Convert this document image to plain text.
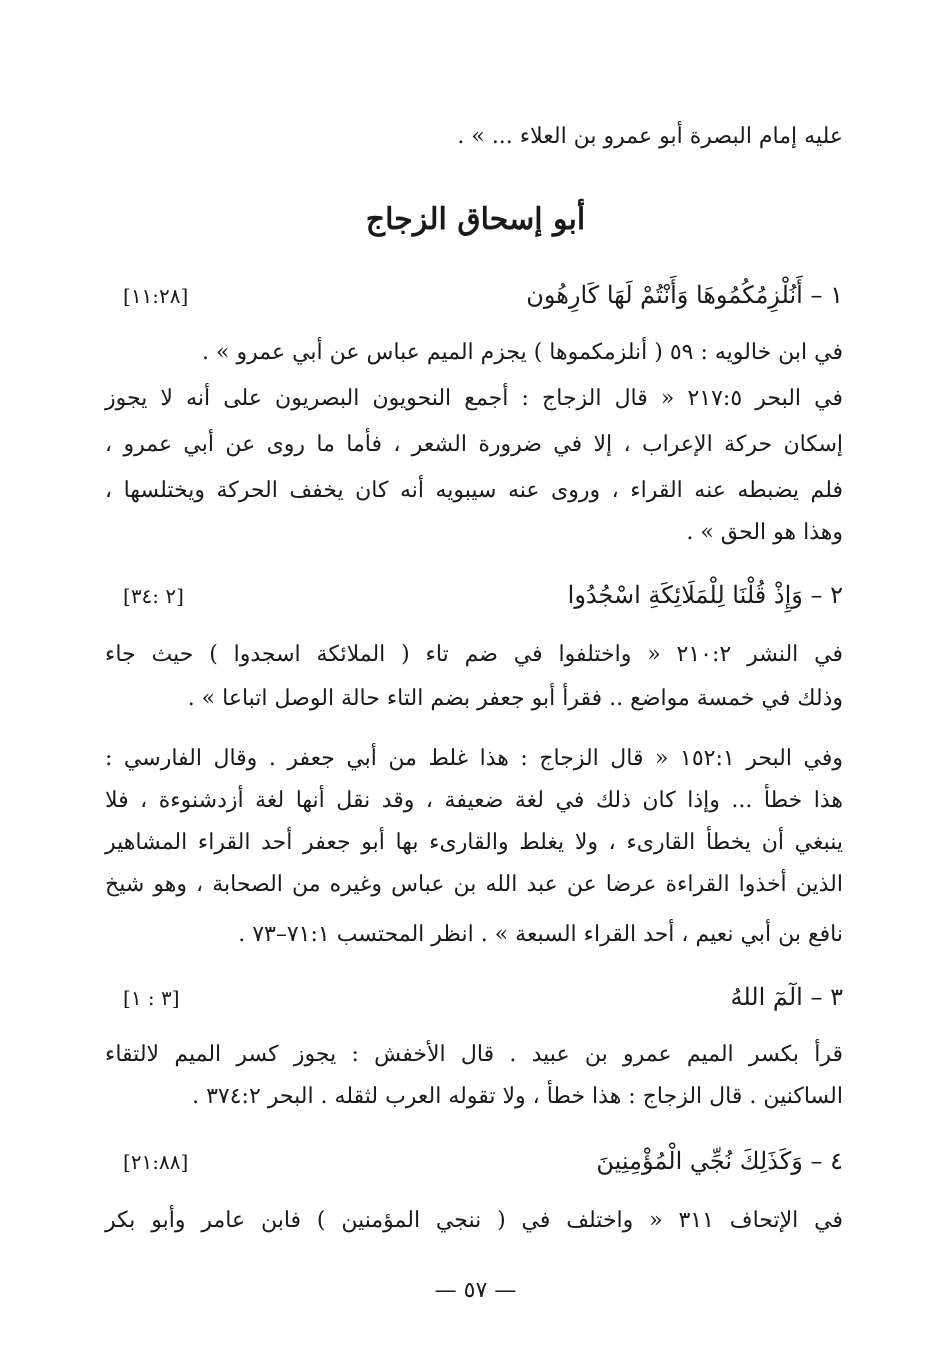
عليه إمام البصرة أبو عمرو بن العلاء ... » .
أبو إسحاق الزجاج
١ – أَنُلْزِمُكُمُوهَا وَأَنْتُمْ لَهَا كَارِهُون
[١١:٢٨]
في ابن خالويه : ٥٩ ( أنلزمكموها ) يجزم الميم عباس عن أبي عمرو » .
في البحر ٢١٧:٥ « قال الزجاج : أجمع النحويون البصريون على أنه لا يجوز
إسكان حركة الإعراب ، إلا في ضرورة الشعر ، فأما ما روى عن أبي عمرو ،
فلم يضبطه عنه القراء ، وروى عنه سيبويه أنه كان يخفف الحركة ويختلسها ،
وهذا هو الحق » .
٢ – وَإِذْ قُلْنَا لِلْمَلَائِكَةِ اسْجُدُوا
[٢ :٣٤]
في النشر ٢١٠:٢ « واختلفوا في ضم تاء ( الملائكة اسجدوا ) حيث جاء
وذلك في خمسة مواضع .. فقرأ أبو جعفر بضم التاء حالة الوصل اتباعا » .
وفي البحر ١٥٢:١ « قال الزجاج : هذا غلط من أبي جعفر . وقال الفارسي :
هذا خطأ ... وإذا كان ذلك في لغة ضعيفة ، وقد نقل أنها لغة أزدشنوءة ، فلا
ينبغي أن يخطأ القارىء ، ولا يغلط والقارىء بها أبو جعفر أحد القراء المشاهير
الذين أخذوا القراءة عرضا عن عبد الله بن عباس وغيره من الصحابة ، وهو شيخ
نافع بن أبي نعيم ، أحد القراء السبعة » . انظر المحتسب ٧١:١–٧٣ .
٣ – الٓمٓ اللهُ
[٣ : ١]
قرأ بكسر الميم عمرو بن عبيد . قال الأخفش : يجوز كسر الميم لالتقاء
الساكنين . قال الزجاج : هذا خطأ ، ولا تقوله العرب لثقله . البحر ٣٧٤:٢ .
٤ – وَكَذَلِكَ نُجِّي الْمُؤْمِنِينَ
[٢١:٨٨]
في الإتحاف ٣١١ « واختلف في ( ننجي المؤمنين ) فابن عامر وأبو بكر
— ٥٧ —
